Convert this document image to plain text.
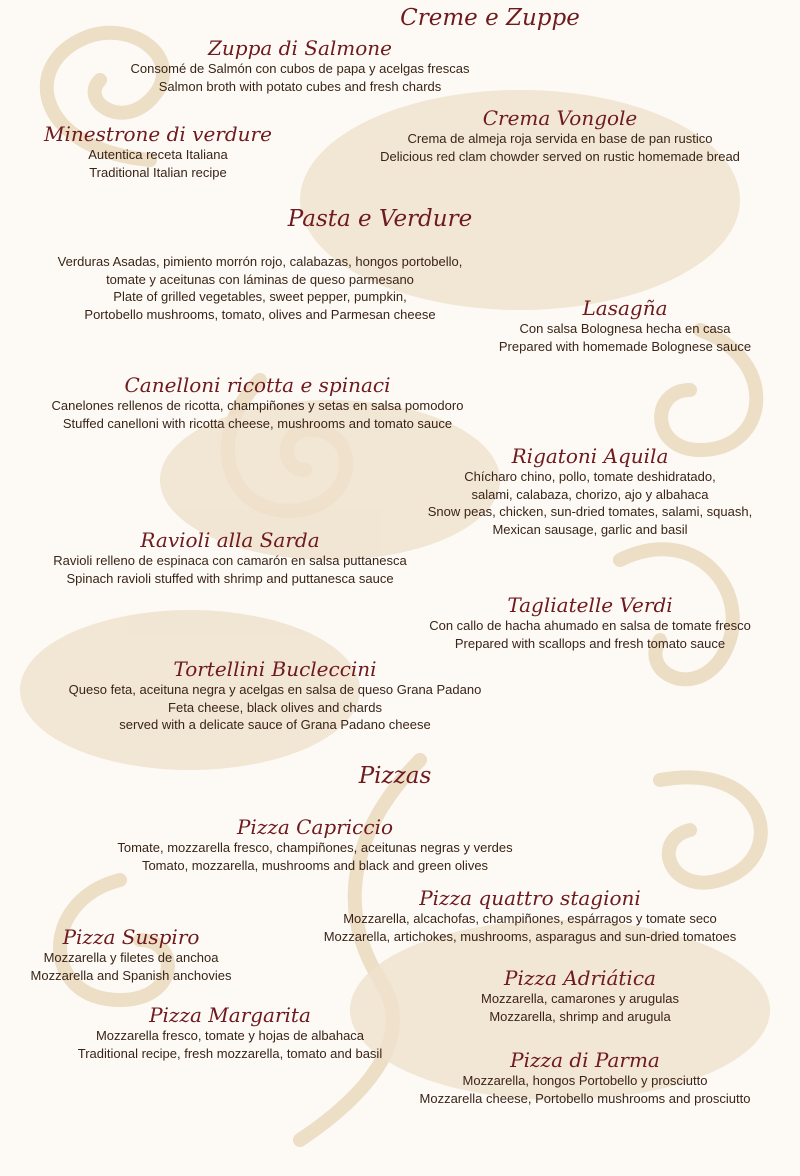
Creme e Zuppe
Zuppa di Salmone
Consomé de Salmón con cubos de papa y acelgas frescas
Salmon broth with potato cubes and fresh chards
Crema Vongole
Crema de almeja roja servida en base de pan rustico
Delicious red clam chowder served on rustic homemade bread
Minestrone di verdure
Autentica receta Italiana
Traditional Italian recipe
Pasta e Verdure
Verduras Asadas, pimiento morrón rojo, calabazas, hongos portobello,
tomate y aceitunas con láminas de queso parmesano
Plate of grilled vegetables, sweet pepper, pumpkin,
Portobello mushrooms, tomato, olives and Parmesan cheese	Lasagña
Con salsa Bolognesa hecha en casa
Prepared with homemade Bolognese sauce
Canelloni ricotta e spinaci
Canelones rellenos de ricotta, champiñones y setas en salsa pomodoro
Stuffed canelloni with ricotta cheese, mushrooms and tomato sauce
Rigatoni Aquila
Chícharo chino, pollo, tomate deshidratado,
salami, calabaza, chorizo, ajo y albahaca
Snow peas, chicken, sun-dried tomates, salami, squash,
Mexican sausage, garlic and basil
Ravioli alla Sarda
Ravioli relleno de espinaca con camarón en salsa puttanesca
Spinach ravioli stuffed with shrimp and puttanesca sauce
Tagliatelle Verdi
Con callo de hacha ahumado en salsa de tomate fresco
Prepared with scallops and fresh tomato sauce
Tortellini Bucleccini
Queso feta, aceituna negra y acelgas en salsa de queso Grana Padano
Feta cheese, black olives and chards
served with a delicate sauce of Grana Padano cheese
Pizzas
Pizza Capriccio
Tomate, mozzarella fresco, champiñones, aceitunas negras y verdes
Tomato, mozzarella, mushrooms and black and green olives
Pizza quattro stagioni
Mozzarella, alcachofas, champiñones, espárragos y tomate seco
Mozzarella, artichokes, mushrooms, asparagus and sun-dried tomatoes
Pizza Suspiro
Mozzarella y filetes de anchoa
Mozzarella and Spanish anchovies	Pizza Adriática
Mozzarella, camarones y arugulas
Mozzarella, shrimp and arugula
Pizza Margarita
Mozzarella fresco, tomate y hojas de albahaca
Traditional recipe, fresh mozzarella, tomato and basil	Pizza di Parma
Mozzarella, hongos Portobello y prosciutto
Mozzarella cheese, Portobello mushrooms and prosciutto
